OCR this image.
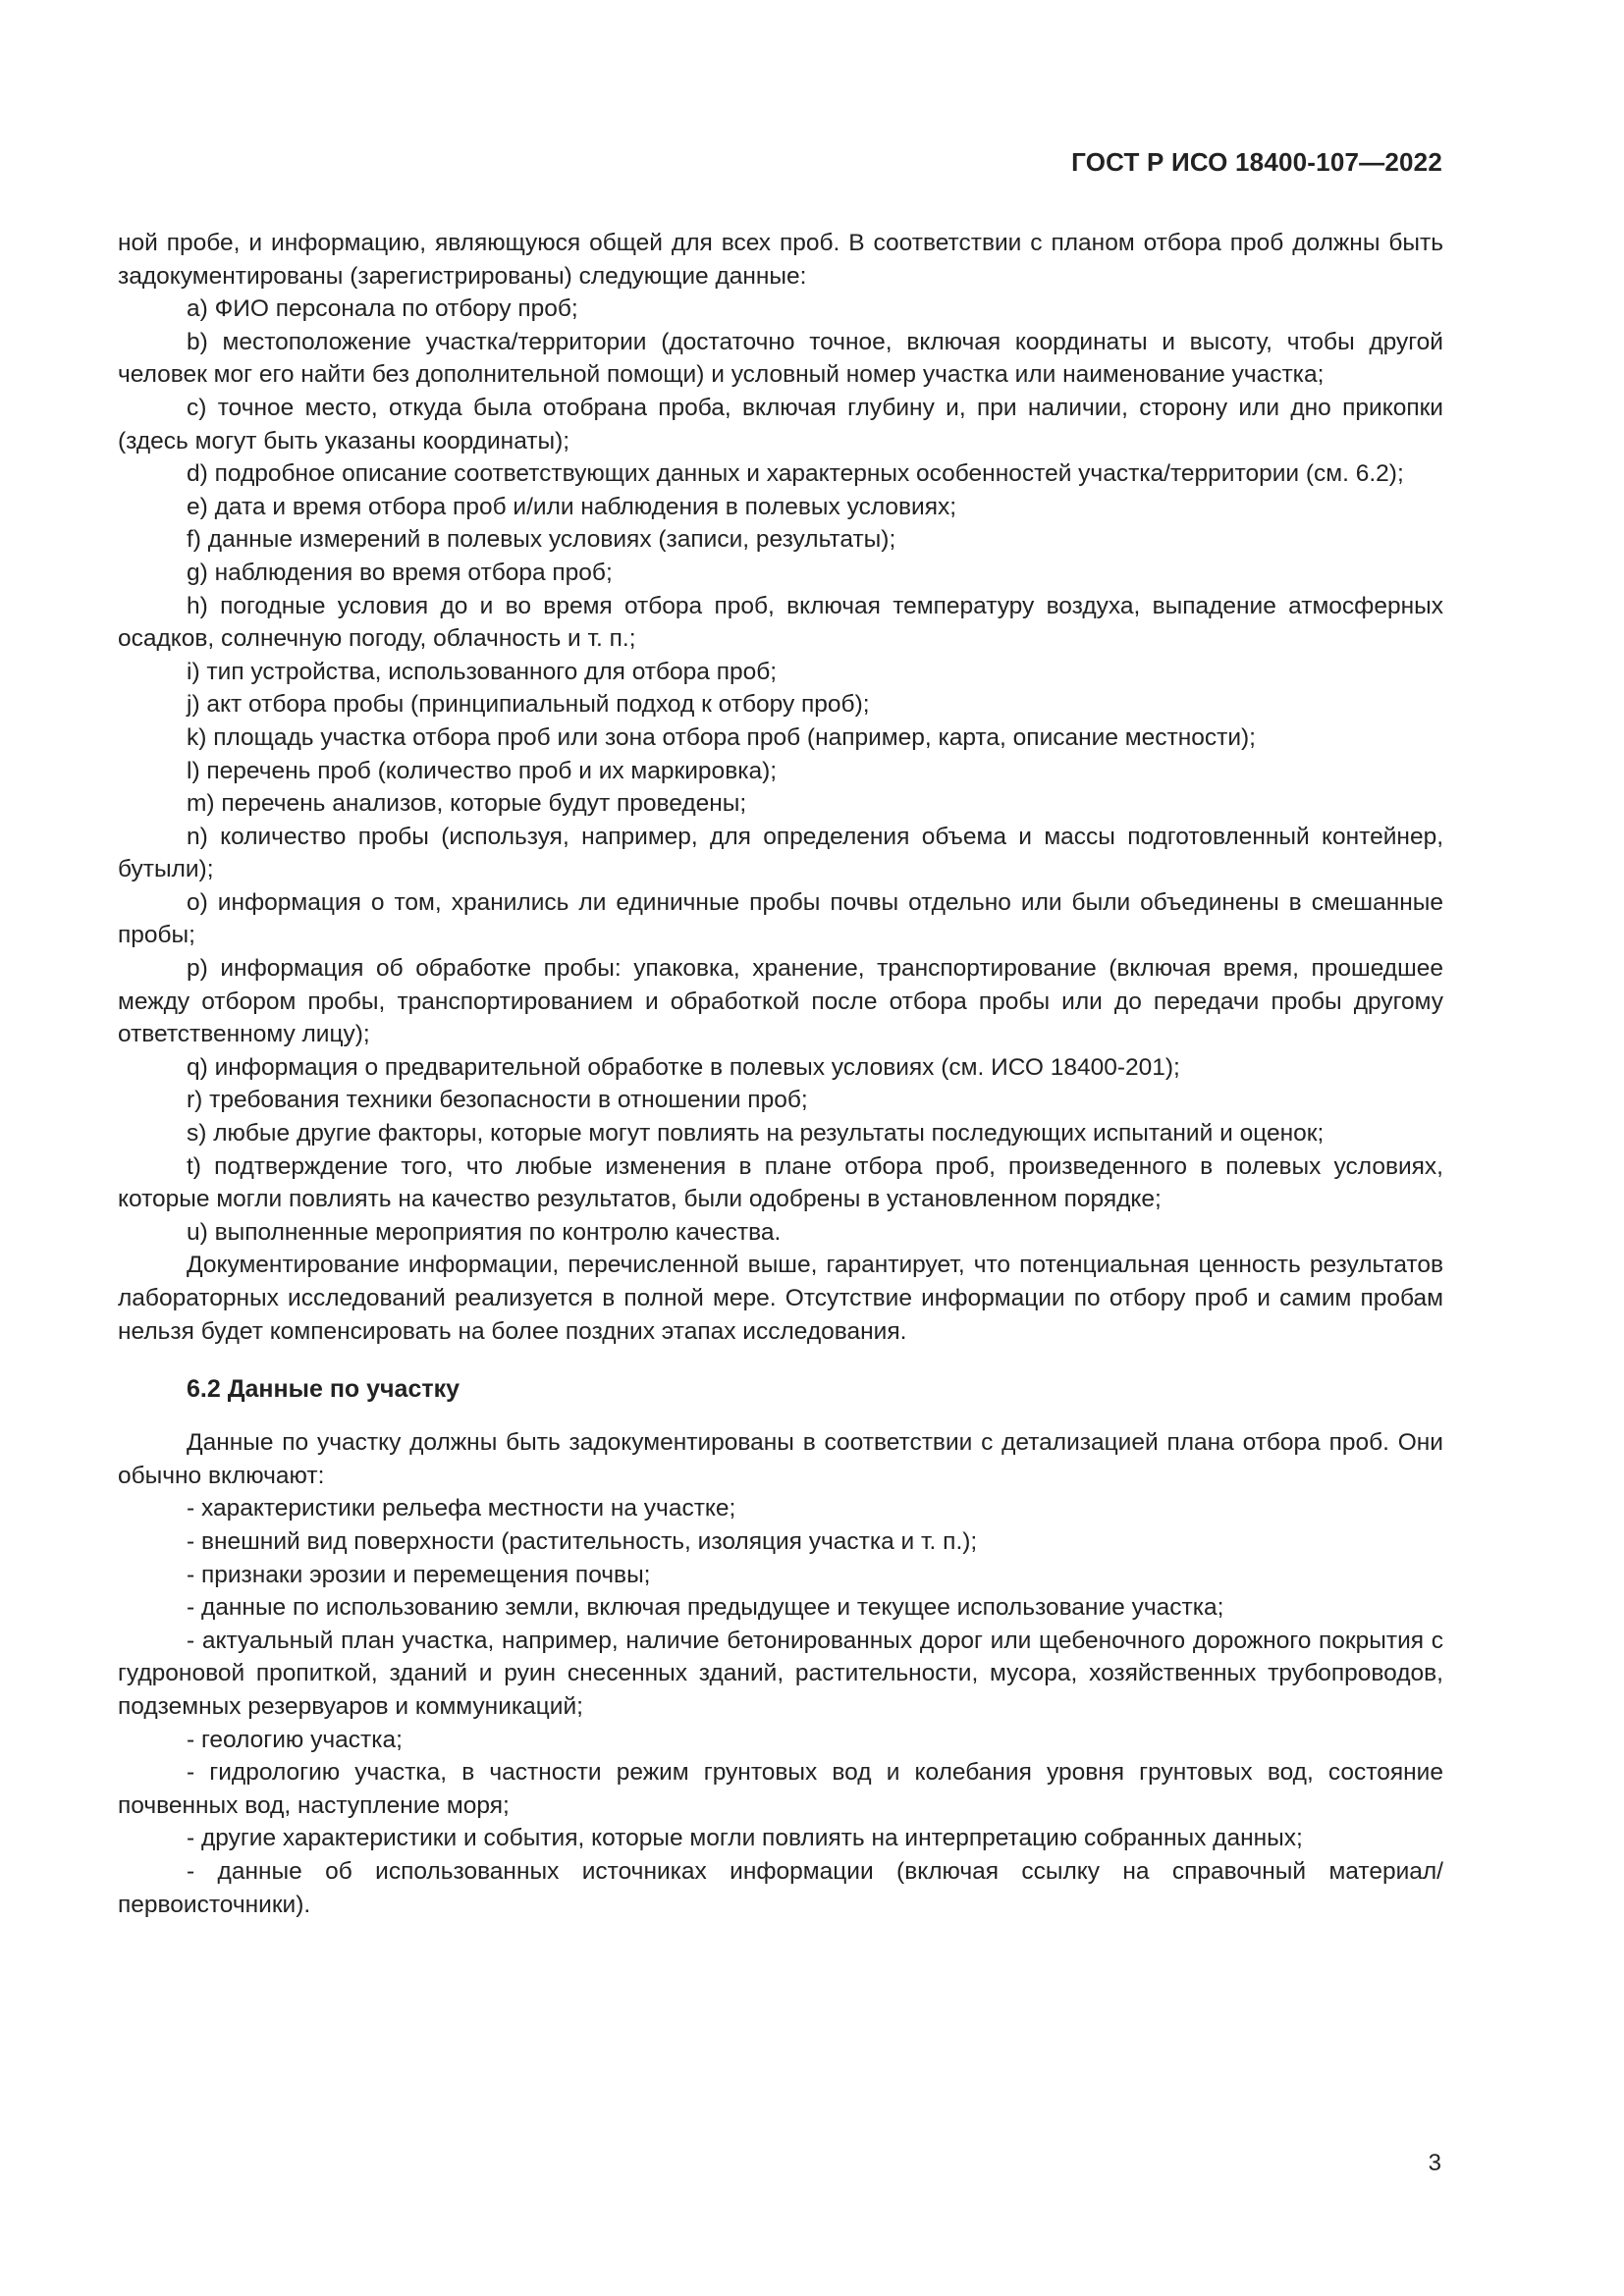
ГОСТ Р ИСО 18400-107—2022

ной пробе, и информацию, являющуюся общей для всех проб. В соответствии с планом отбора проб должны быть задокументированы (зарегистрированы) следующие данные:

a) ФИО персонала по отбору проб;

b) местоположение участка/территории (достаточно точное, включая координаты и высоту, чтобы другой человек мог его найти без дополнительной помощи) и условный номер участка или наименование участка;

c) точное место, откуда была отобрана проба, включая глубину и, при наличии, сторону или дно прикопки (здесь могут быть указаны координаты);

d) подробное описание соответствующих данных и характерных особенностей участка/территории (см. 6.2);

e) дата и время отбора проб и/или наблюдения в полевых условиях;

f) данные измерений в полевых условиях (записи, результаты);

g) наблюдения во время отбора проб;

h) погодные условия до и во время отбора проб, включая температуру воздуха, выпадение атмосферных осадков, солнечную погоду, облачность и т. п.;

i) тип устройства, использованного для отбора проб;

j) акт отбора пробы (принципиальный подход к отбору проб);

k) площадь участка отбора проб или зона отбора проб (например, карта, описание местности);

l) перечень проб (количество проб и их маркировка);

m) перечень анализов, которые будут проведены;

n) количество пробы (используя, например, для определения объема и массы подготовленный контейнер, бутыли);

o) информация о том, хранились ли единичные пробы почвы отдельно или были объединены в смешанные пробы;

p) информация об обработке пробы: упаковка, хранение, транспортирование (включая время, прошедшее между отбором пробы, транспортированием и обработкой после отбора пробы или до передачи пробы другому ответственному лицу);

q) информация о предварительной обработке в полевых условиях (см. ИСО 18400-201);

r) требования техники безопасности в отношении проб;

s) любые другие факторы, которые могут повлиять на результаты последующих испытаний и оценок;

t) подтверждение того, что любые изменения в плане отбора проб, произведенного в полевых условиях, которые могли повлиять на качество результатов, были одобрены в установленном порядке;

u) выполненные мероприятия по контролю качества.

Документирование информации, перечисленной выше, гарантирует, что потенциальная ценность результатов лабораторных исследований реализуется в полной мере. Отсутствие информации по отбору проб и самим пробам нельзя будет компенсировать на более поздних этапах исследования.

6.2 Данные по участку

Данные по участку должны быть задокументированы в соответствии с детализацией плана отбора проб. Они обычно включают:

- характеристики рельефа местности на участке;

- внешний вид поверхности (растительность, изоляция участка и т. п.);

- признаки эрозии и перемещения почвы;

- данные по использованию земли, включая предыдущее и текущее использование участка;

- актуальный план участка, например, наличие бетонированных дорог или щебеночного дорожного покрытия с гудроновой пропиткой, зданий и руин снесенных зданий, растительности, мусора, хозяйственных трубопроводов, подземных резервуаров и коммуникаций;

- геологию участка;

- гидрологию участка, в частности режим грунтовых вод и колебания уровня грунтовых вод, состояние почвенных вод, наступление моря;

- другие характеристики и события, которые могли повлиять на интерпретацию собранных данных;

- данные об использованных источниках информации (включая ссылку на справочный материал/первоисточники).

3
